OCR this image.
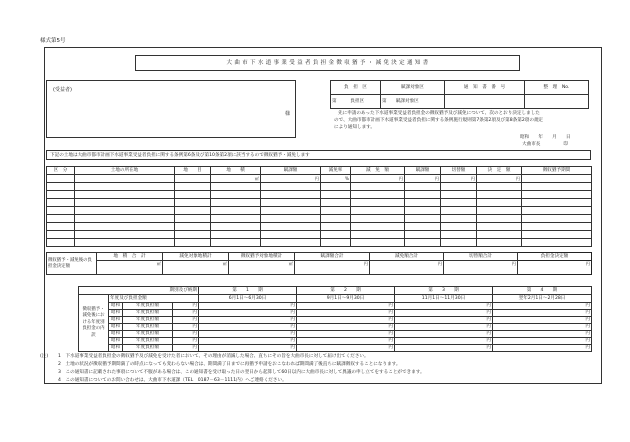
様式第5号
大 曲 市 下 水 道 事 業 受 益 者 負 担 金 徴 収 猶 予 ・ 減 免 決 定 通 知 書
(受益者)
様
負　担　区	賦課対象区	通　知　書　番　号	整　理　No.
第　　　負担区	第　　賦課対象区		
先に申請のあった下水道事業受益者負担金の徴収猶予及び減免について、次のとおり決定しました
ので、大曲市都市計画下水道事業受益者負担に関する条例施行規則第7条第2項及び第8条第2項の規定
により通知します。
昭和　　年　　月　　日
大曲市長　　　　　印
下記の土地は大曲市都市計画下水道事業受益者負担に関する条例第6条及び第10条第2項に該当するので徴収猶予・減免します
区　分	土地の所在地	地　　目	地　　積	賦課額	減免率	減　免　額	賦課額	切替額	決　定　額	徴収猶予期間
			㎡	円	%	円	円	円	円	

徴収猶予・減免後の負担金決定額	地　積　合　計	減免対象地積計	徴収猶予対象地積計	賦課額合計	減免額合計	切替額合計	負担金決定額
	㎡	㎡	㎡	円	円	円	円
期別及び納期				第　　1　　期	第　　2　　期	第　　3　　期	第　　4　　期
徴収猶予・減免後における年度別負担金の内訳	年度及び負担金額			6月1日～6月30日	9月1日～9月30日	11月1日～11月30日	翌年2月1日～2月28日
	昭和	年度負担額	円	円	円	円	円
	昭和	年度負担額	円	円	円	円	円
	昭和	年度負担額	円	円	円	円	円
	昭和	年度負担額	円	円	円	円	円
	昭和	年度負担額	円	円	円	円	円
	昭和	年度負担額	円	円	円	円	円
	昭和	年度負担額	円	円	円	円	円
(注) 1　下水道事業受益者負担金の徴収猶予及び減免を受けた者において、その理由が消滅した場合、直ちにその旨を大曲市長に対して届け出てください。
2　土地の状況が徴収猶予期間満了の時点になっても変わらない場合は、期間満了日までに再猶予申請をおこなわれば期間満了後直ちに賦課徴収することになります。
3　この通知書に記載された事項について不服がある場合は、この通知書を受け取った日の翌日から起算して60日以内に大曲市長に対して異議の申し立てをすることができます。
4　この通知書についてのお問い合わせは、大曲市下水道課（TEL　0187－63－1111内）へご連絡ください。
